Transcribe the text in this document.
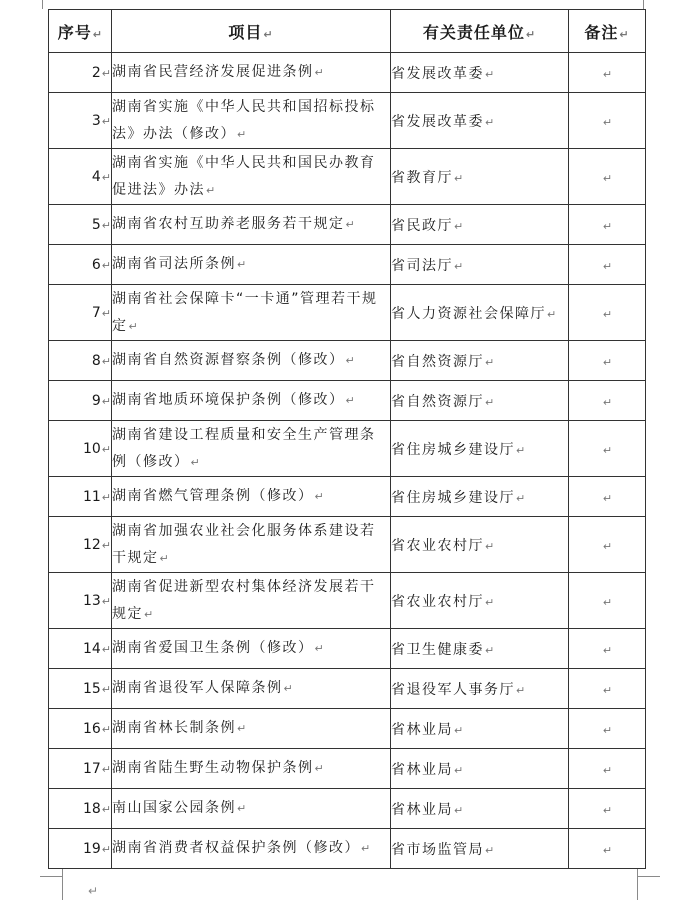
序号↵	项目↵	有关责任单位↵	备注↵
2↵	湖南省民营经济发展促进条例↵	省发展改革委↵	↵
3↵	湖南省实施《中华人民共和国招标投标法》办法（修改）↵	省发展改革委↵	↵
4↵	湖南省实施《中华人民共和国民办教育促进法》办法↵	省教育厅↵	↵
5↵	湖南省农村互助养老服务若干规定↵	省民政厅↵	↵
6↵	湖南省司法所条例↵	省司法厅↵	↵
7↵	湖南省社会保障卡“一卡通”管理若干规定↵	省人力资源社会保障厅↵	↵
8↵	湖南省自然资源督察条例（修改）↵	省自然资源厅↵	↵
9↵	湖南省地质环境保护条例（修改）↵	省自然资源厅↵	↵
10↵	湖南省建设工程质量和安全生产管理条例（修改）↵	省住房城乡建设厅↵	↵
11↵	湖南省燃气管理条例（修改）↵	省住房城乡建设厅↵	↵
12↵	湖南省加强农业社会化服务体系建设若干规定↵	省农业农村厅↵	↵
13↵	湖南省促进新型农村集体经济发展若干规定↵	省农业农村厅↵	↵
14↵	湖南省爱国卫生条例（修改）↵	省卫生健康委↵	↵
15↵	湖南省退役军人保障条例↵	省退役军人事务厅↵	↵
16↵	湖南省林长制条例↵	省林业局↵	↵
17↵	湖南省陆生野生动物保护条例↵	省林业局↵	↵
18↵	南山国家公园条例↵	省林业局↵	↵
19↵	湖南省消费者权益保护条例（修改）↵	省市场监管局↵	↵
↵
